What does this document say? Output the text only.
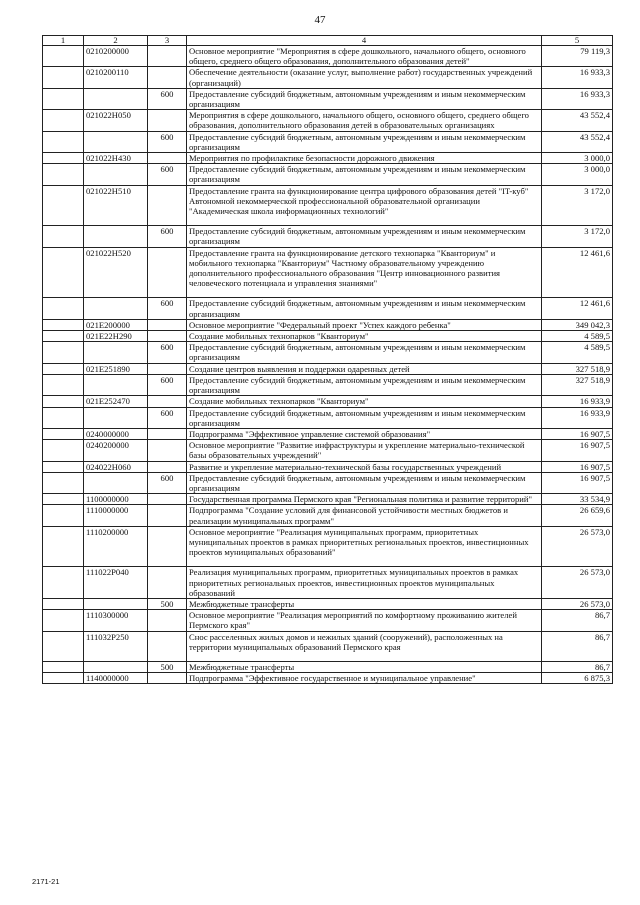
47
1	2	3	4	5
	0210200000		Основное мероприятие "Мероприятия в сфере дошкольного, начального общего, основного общего, среднего общего образования, дополнительного образования детей"	79 119,3
	0210200110		Обеспечение деятельности (оказание услуг, выполнение работ) государственных учреждений (организаций)	16 933,3
		600	Предоставление субсидий бюджетным, автономным учреждениям и иным некоммерческим организациям	16 933,3
	021022Н050		Мероприятия в сфере дошкольного, начального общего, основного общего, среднего общего образования, дополнительного образования детей в образовательных организациях	43 552,4
		600	Предоставление субсидий бюджетным, автономным учреждениям и иным некоммерческим организациям	43 552,4
	021022Н430		Мероприятия по профилактике безопасности дорожного движения	3 000,0
		600	Предоставление субсидий бюджетным, автономным учреждениям и иным некоммерческим организациям	3 000,0
	021022Н510		Предоставление гранта на функционирование центра цифрового образования детей "IT-куб" Автономной некоммерческой профессиональной образовательной организации "Академическая школа информационных технологий"	3 172,0
		600	Предоставление субсидий бюджетным, автономным учреждениям и иным некоммерческим организациям	3 172,0
	021022Н520		Предоставление гранта на функционирование детского технопарка "Кванториум" и мобильного технопарка "Кванториум" Частному образовательному учреждению дополнительного профессионального образования "Центр инновационного развития человеческого потенциала и управления знаниями"	12 461,6
		600	Предоставление субсидий бюджетным, автономным учреждениям и иным некоммерческим организациям	12 461,6
	021Е200000		Основное мероприятие "Федеральный проект "Успех каждого ребенка"	349 042,3
	021Е22Н290		Создание мобильных технопарков "Кванториум"	4 589,5
		600	Предоставление субсидий бюджетным, автономным учреждениям и иным некоммерческим организациям	4 589,5
	021Е251890		Создание центров выявления и поддержки одаренных детей	327 518,9
		600	Предоставление субсидий бюджетным, автономным учреждениям и иным некоммерческим организациям	327 518,9
	021Е252470		Создание мобильных технопарков "Кванториум"	16 933,9
		600	Предоставление субсидий бюджетным, автономным учреждениям и иным некоммерческим организациям	16 933,9
	0240000000		Подпрограмма "Эффективное управление системой образования"	16 907,5
	0240200000		Основное мероприятие "Развитие инфраструктуры и укрепление материально-технической базы образовательных учреждений"	16 907,5
	024022Н060		Развитие и укрепление материально-технической базы государственных учреждений	16 907,5
		600	Предоставление субсидий бюджетным, автономным учреждениям и иным некоммерческим организациям	16 907,5
	1100000000		Государственная программа Пермского края "Региональная политика и развитие территорий"	33 534,9
	1110000000		Подпрограмма "Создание условий для финансовой устойчивости местных бюджетов и реализации муниципальных программ"	26 659,6
	1110200000		Основное мероприятие "Реализация муниципальных программ, приоритетных муниципальных проектов в рамках приоритетных региональных проектов, инвестиционных проектов муниципальных образований"	26 573,0
	111022Р040		Реализация муниципальных программ, приоритетных муниципальных проектов в рамках приоритетных региональных проектов, инвестиционных проектов муниципальных образований	26 573,0
		500	Межбюджетные трансферты	26 573,0
	1110300000		Основное мероприятие "Реализация мероприятий по комфортному проживанию жителей Пермского края"	86,7
	111032Р250		Снос расселенных жилых домов и нежилых зданий (сооружений), расположенных на территории муниципальных образований Пермского края	86,7
		500	Межбюджетные трансферты	86,7
	1140000000		Подпрограмма "Эффективное государственное и муниципальное управление"	6 875,3
2171-21
